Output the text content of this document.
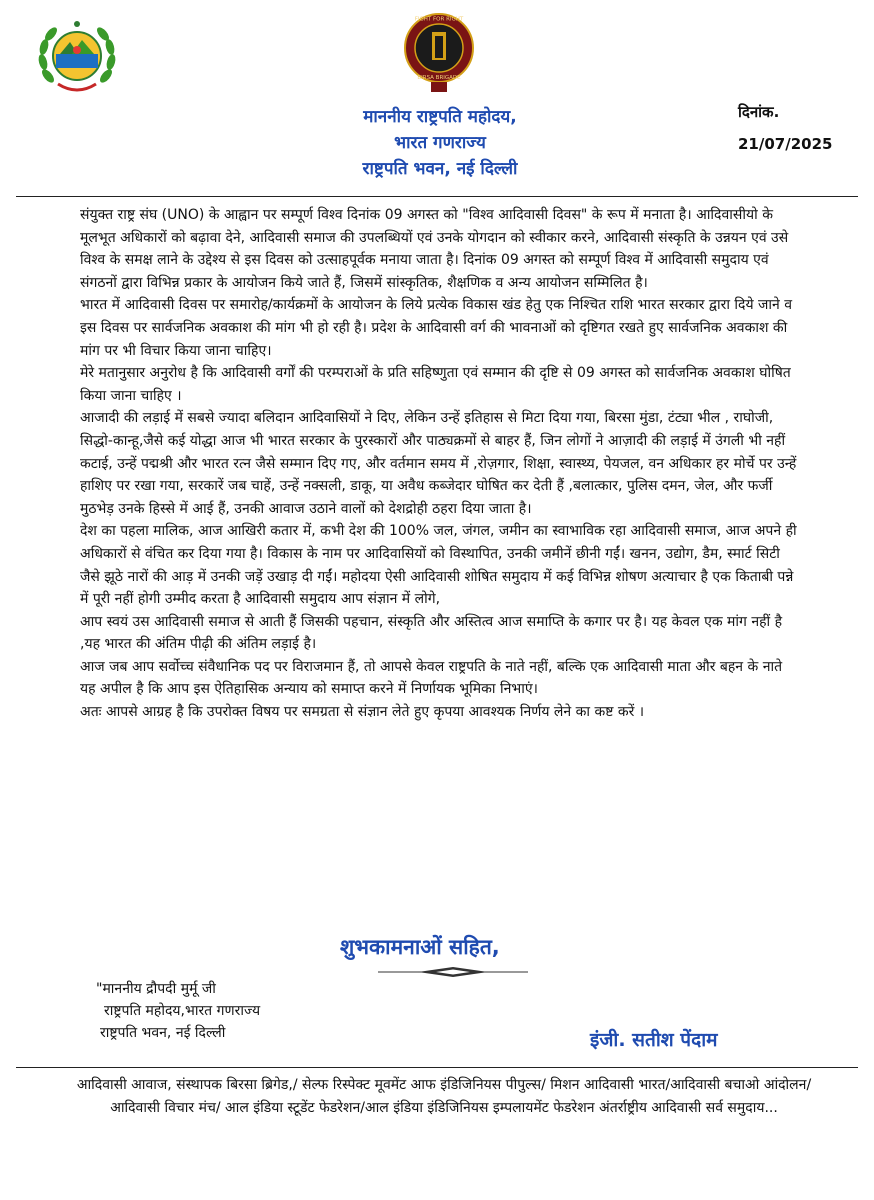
FIGHT FOR RIGHT
BIRSA BRIGADE
माननीय राष्ट्रपति महोदय,
भारत गणराज्य
राष्ट्रपति भवन, नई दिल्ली
दिनांक.
21/07/2025

संयुक्त राष्ट्र संघ (UNO) के आह्वान पर सम्पूर्ण विश्व दिनांक 09 अगस्त को "विश्व आदिवासी दिवस" के रूप में मनाता है। आदिवासीयो के मूलभूत अधिकारों को बढ़ावा देने, आदिवासी समाज की उपलब्धियों एवं उनके योगदान को स्वीकार करने, आदिवासी संस्कृति के उन्नयन एवं उसे विश्व के समक्ष लाने के उद्देश्य से इस दिवस को उत्साहपूर्वक मनाया जाता है। दिनांक 09 अगस्त को सम्पूर्ण विश्व में आदिवासी समुदाय एवं संगठनों द्वारा विभिन्न प्रकार के आयोजन किये जाते हैं, जिसमें सांस्कृतिक, शैक्षणिक व अन्य आयोजन सम्मिलित है।

भारत में आदिवासी दिवस पर समारोह/कार्यक्रमों के आयोजन के लिये प्रत्येक विकास खंड हेतु एक निश्चित राशि भारत सरकार द्वारा दिये जाने व इस दिवस पर सार्वजनिक अवकाश की मांग भी हो रही है। प्रदेश के आदिवासी वर्ग की भावनाओं को दृष्टिगत रखते हुए सार्वजनिक अवकाश की मांग पर भी विचार किया जाना चाहिए।

मेरे मतानुसार अनुरोध है कि आदिवासी वर्गों की परम्पराओं के प्रति सहिष्णुता एवं सम्मान की दृष्टि से 09 अगस्त को सार्वजनिक अवकाश घोषित किया जाना चाहिए ।

आजादी की लड़ाई में सबसे ज्यादा बलिदान आदिवासियों ने दिए, लेकिन उन्हें इतिहास से मिटा दिया गया, बिरसा मुंडा, टंट्या भील , राघोजी, सिद्धो-कान्हू,जैसे कई योद्धा आज भी भारत सरकार के पुरस्कारों और पाठ्यक्रमों से बाहर हैं, जिन लोगों ने आज़ादी की लड़ाई में उंगली भी नहीं कटाई, उन्हें पद्मश्री और भारत रत्न जैसे सम्मान दिए गए, और वर्तमान समय में ,रोज़गार, शिक्षा, स्वास्थ्य, पेयजल, वन अधिकार हर मोर्चे पर उन्हें हाशिए पर रखा गया, सरकारें जब चाहें, उन्हें नक्सली, डाकू, या अवैध कब्जेदार घोषित कर देती हैं ,बलात्कार, पुलिस दमन, जेल, और फर्जी मुठभेड़ उनके हिस्से में आई हैं, उनकी आवाज उठाने वालों को देशद्रोही ठहरा दिया जाता है।

देश का पहला मालिक, आज आखिरी कतार में, कभी देश की 100% जल, जंगल, जमीन का स्वाभाविक रहा आदिवासी समाज, आज अपने ही अधिकारों से वंचित कर दिया गया है। विकास के नाम पर आदिवासियों को विस्थापित, उनकी जमीनें छीनी गईं। खनन, उद्योग, डैम, स्मार्ट सिटी जैसे झूठे नारों की आड़ में उनकी जड़ें उखाड़ दी गईं। महोदया ऐसी आदिवासी शोषित समुदाय में कई विभिन्न शोषण अत्याचार है एक किताबी पन्ने में पूरी नहीं होगी उम्मीद करता है आदिवासी समुदाय आप संज्ञान में लोगे,

आप स्वयं उस आदिवासी समाज से आती हैं जिसकी पहचान, संस्कृति और अस्तित्व आज समाप्ति के कगार पर है। यह केवल एक मांग नहीं है ,यह भारत की अंतिम पीढ़ी की अंतिम लड़ाई है।

आज जब आप सर्वोच्च संवैधानिक पद पर विराजमान हैं, तो आपसे केवल राष्ट्रपति के नाते नहीं, बल्कि एक आदिवासी माता और बहन के नाते यह अपील है कि आप इस ऐतिहासिक अन्याय को समाप्त करने में निर्णायक भूमिका निभाएं।

अतः आपसे आग्रह है कि उपरोक्त विषय पर समग्रता से संज्ञान लेते हुए कृपया आवश्यक निर्णय लेने का कष्ट करें ।

शुभकामनाओं सहित,
"माननीय द्रौपदी मुर्मू जी
राष्ट्रपति महोदय,भारत गणराज्य
राष्ट्रपति भवन, नई दिल्ली	इंजी. सतीश पेंदाम
आदिवासी आवाज, संस्थापक बिरसा ब्रिगेड,/ सेल्फ रिस्पेक्ट मूवमेंट आफ इंडिजिनियस पीपुल्स/ मिशन आदिवासी भारत/आदिवासी बचाओ आंदोलन/ आदिवासी विचार मंच/ आल इंडिया स्टूडेंट फेडरेशन/आल इंडिया इंडिजिनियस इम्पलायमेंट फेडरेशन अंतर्राष्ट्रीय आदिवासी सर्व समुदाय...
